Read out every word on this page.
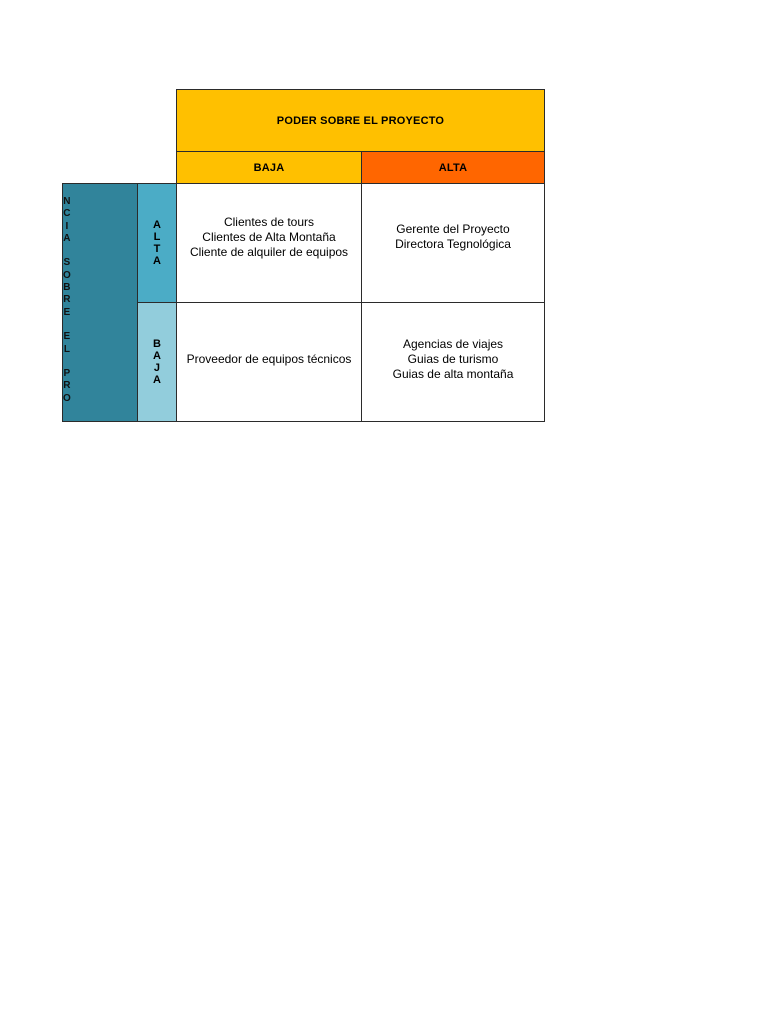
PODER SOBRE EL PROYECTO
BAJA	ALTA
N
C
I
A

S
O
B
R
E

E
L

P
R
O
A
L
T
A
B
A
J
A
Clientes de tours
Clientes de Alta Montaña
Cliente de alquiler de equipos
Gerente del Proyecto
Directora Tegnológica
Proveedor de equipos técnicos
Agencias de viajes
Guias de turismo
Guias de alta montaña
